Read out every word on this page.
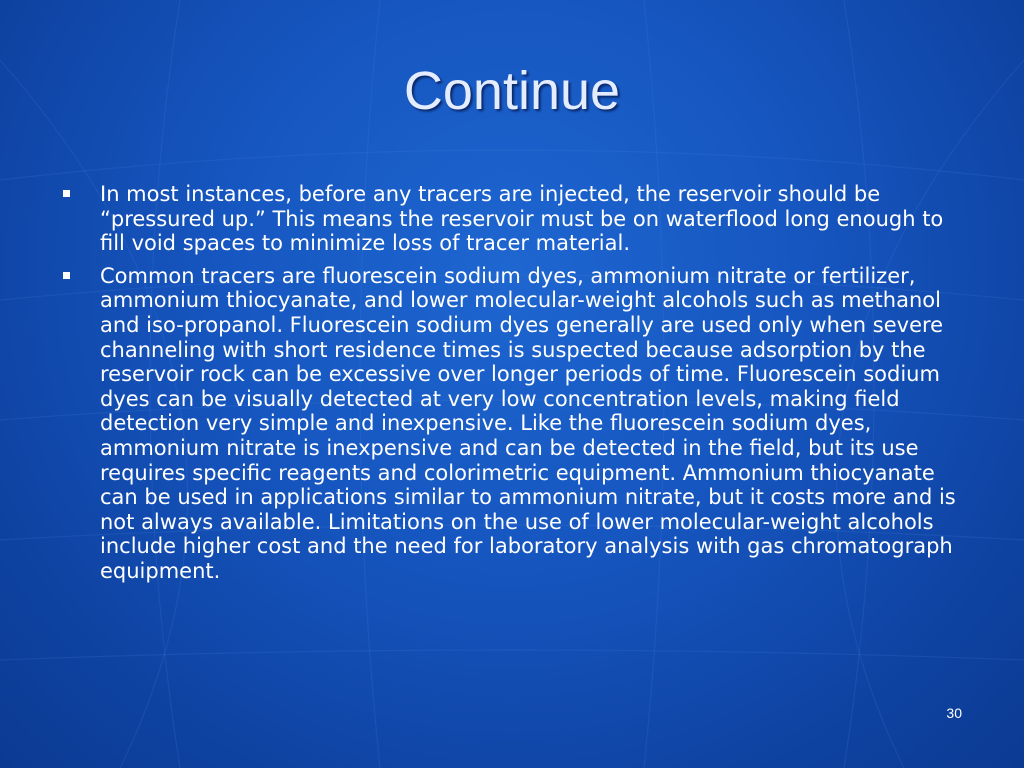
Continue
In most instances, before any tracers are injected, the reservoir should be “pressured up.” This means the reservoir must be on waterflood long enough to fill void spaces to minimize loss of tracer material.
Common tracers are fluorescein sodium dyes, ammonium nitrate or fertilizer, ammonium thiocyanate, and lower molecular-weight alcohols such as methanol and iso-propanol. Fluorescein sodium dyes generally are used only when severe channeling with short residence times is suspected because adsorption by the reservoir rock can be excessive over longer periods of time. Fluorescein sodium dyes can be visually detected at very low concentration levels, making field detection very simple and inexpensive. Like the fluorescein sodium dyes, ammonium nitrate is inexpensive and can be detected in the field, but its use requires specific reagents and colorimetric equipment. Ammonium thiocyanate can be used in applications similar to ammonium nitrate, but it costs more and is not always available. Limitations on the use of lower molecular-weight alcohols include higher cost and the need for laboratory analysis with gas chromatograph equipment.
30
